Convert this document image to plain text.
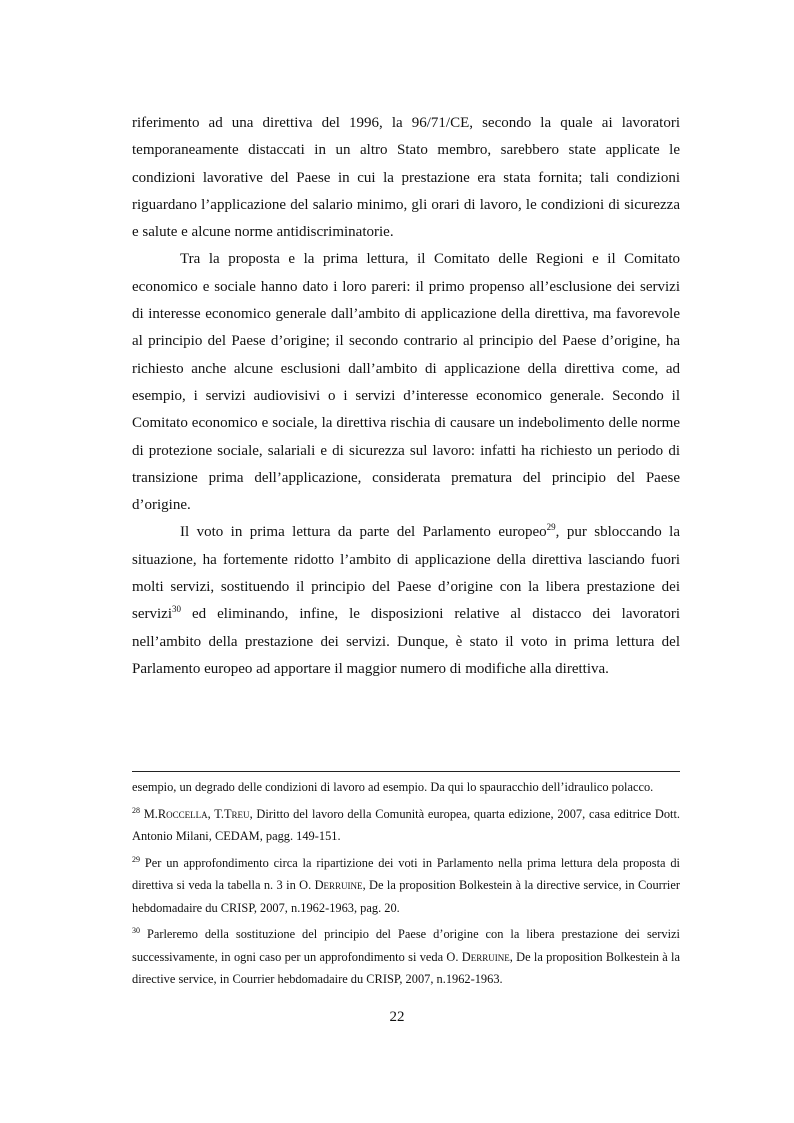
riferimento ad una direttiva del 1996, la 96/71/CE, secondo la quale ai lavoratori temporaneamente distaccati in un altro Stato membro, sarebbero state applicate le condizioni lavorative del Paese in cui la prestazione era stata fornita; tali condizioni riguardano l’applicazione del salario minimo, gli orari di lavoro, le condizioni di sicurezza e salute e alcune norme antidiscriminatorie.

Tra la proposta e la prima lettura, il Comitato delle Regioni e il Comitato economico e sociale hanno dato i loro pareri: il primo propenso all’esclusione dei servizi di interesse economico generale dall’ambito di applicazione della direttiva, ma favorevole al principio del Paese d’origine; il secondo contrario al principio del Paese d’origine, ha richiesto anche alcune esclusioni dall’ambito di applicazione della direttiva come, ad esempio, i servizi audiovisivi o i servizi d’interesse economico generale. Secondo il Comitato economico e sociale, la direttiva rischia di causare un indebolimento delle norme di protezione sociale, salariali e di sicurezza sul lavoro: infatti ha richiesto un periodo di transizione prima dell’applicazione, considerata prematura del principio del Paese d’origine.

Il voto in prima lettura da parte del Parlamento europeo$^{29}$, pur sbloccando la situazione, ha fortemente ridotto l’ambito di applicazione della direttiva lasciando fuori molti servizi, sostituendo il principio del Paese d’origine con la libera prestazione dei servizi$^{30}$ ed eliminando, infine, le disposizioni relative al distacco dei lavoratori nell’ambito della prestazione dei servizi. Dunque, è stato il voto in prima lettura del Parlamento europeo ad apportare il maggior numero di modifiche alla direttiva.

esempio, un degrado delle condizioni di lavoro ad esempio. Da qui lo spauracchio dell’idraulico polacco.

$^{28}$ M.Roccella, T.Treu, Diritto del lavoro della Comunità europea, quarta edizione, 2007, casa editrice Dott. Antonio Milani, CEDAM, pagg. 149-151.

$^{29}$ Per un approfondimento circa la ripartizione dei voti in Parlamento nella prima lettura dela proposta di direttiva si veda la tabella n. 3 in O. Derruine, De la proposition Bolkestein à la directive service, in Courrier hebdomadaire du CRISP, 2007, n.1962-1963, pag. 20.

$^{30}$ Parleremo della sostituzione del principio del Paese d’origine con la libera prestazione dei servizi successivamente, in ogni caso per un approfondimento si veda O. Derruine, De la proposition Bolkestein à la directive service, in Courrier hebdomadaire du CRISP, 2007, n.1962-1963.

22
